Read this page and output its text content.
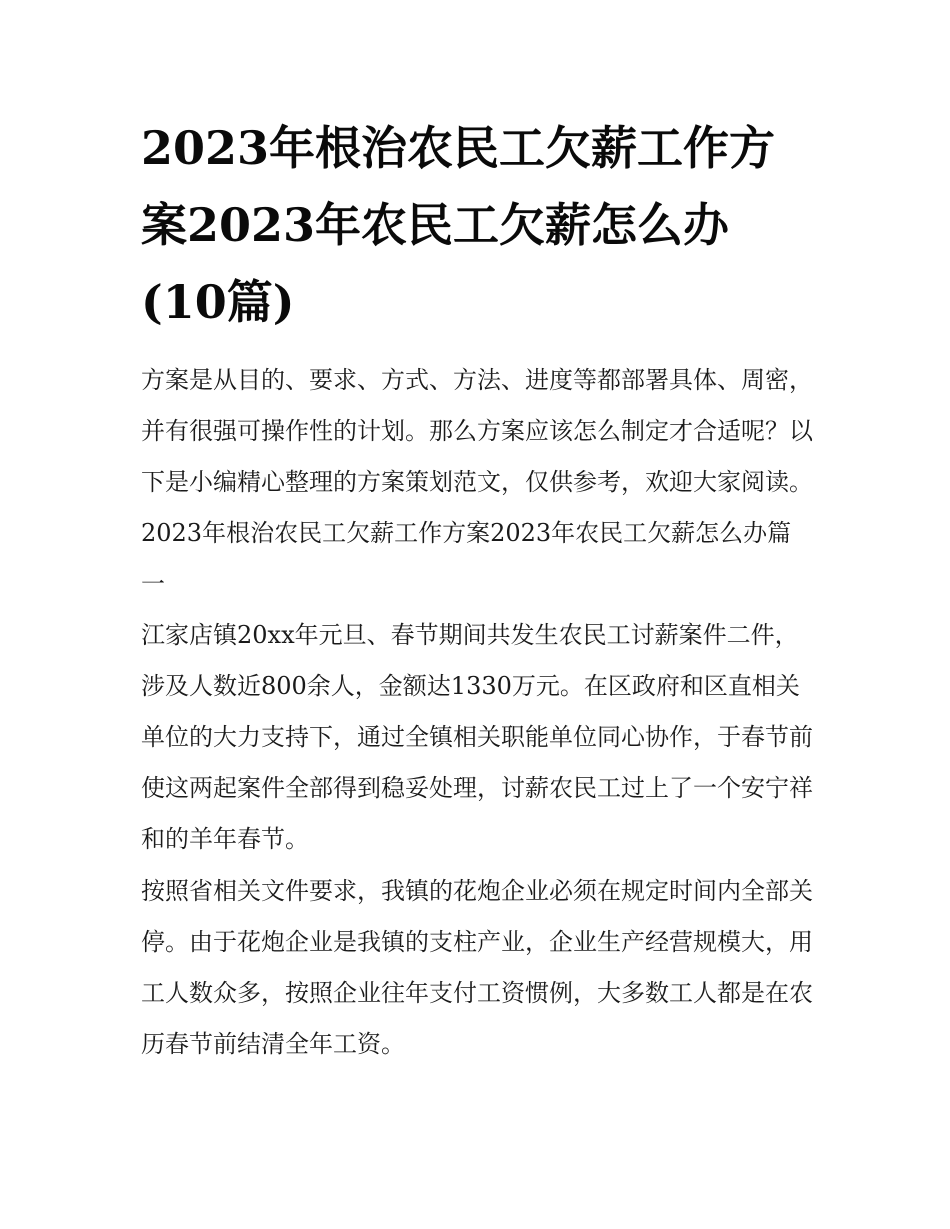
2023年根治农民工欠薪工作方
案2023年农民工欠薪怎么办
(10篇)

方案是从目的、要求、方式、方法、进度等都部署具体、周密，并有很强可操作性的计划。那么方案应该怎么制定才合适呢？以下是小编精心整理的方案策划范文，仅供参考，欢迎大家阅读。

2023年根治农民工欠薪工作方案2023年农民工欠薪怎么办篇一

江家店镇20xx年元旦、春节期间共发生农民工讨薪案件二件，涉及人数近800余人，金额达1330万元。在区政府和区直相关单位的大力支持下，通过全镇相关职能单位同心协作，于春节前使这两起案件全部得到稳妥处理，讨薪农民工过上了一个安宁祥和的羊年春节。

按照省相关文件要求，我镇的花炮企业必须在规定时间内全部关停。由于花炮企业是我镇的支柱产业，企业生产经营规模大，用工人数众多，按照企业往年支付工资惯例，大多数工人都是在农历春节前结清全年工资。
